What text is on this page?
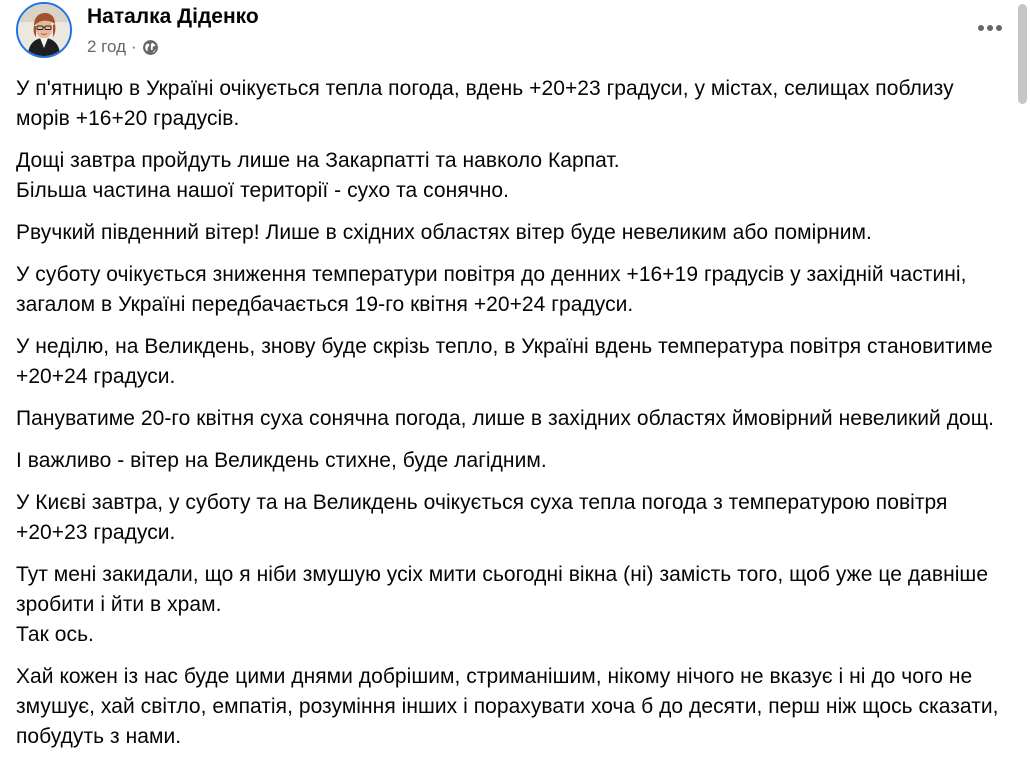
Наталка Діденко
2 год ·

У п'ятницю в Україні очікується тепла погода, вдень +20+23 градуси, у містах, селищах поблизу морів +16+20 градусів.

Дощі завтра пройдуть лише на Закарпатті та навколо Карпат.
Більша частина нашої території - сухо та сонячно.

Рвучкий південний вітер! Лише в східних областях вітер буде невеликим або помірним.

У суботу очікується зниження температури повітря до денних +16+19 градусів у західній частині, загалом в Україні передбачається 19-го квітня +20+24 градуси.

У неділю, на Великдень, знову буде скрізь тепло, в Україні вдень температура повітря становитиме +20+24 градуси.

Пануватиме 20-го квітня суха сонячна погода, лише в західних областях ймовірний невеликий дощ.

І важливо - вітер на Великдень стихне, буде лагідним.

У Києві завтра, у суботу та на Великдень очікується суха тепла погода з температурою повітря +20+23 градуси.

Тут мені закидали, що я ніби змушую усіх мити сьогодні вікна (ні) замість того, щоб уже це давніше зробити і йти в храм.
Так ось.

Хай кожен із нас буде цими днями добрішим, стриманішим, нікому нічого не вказує і ні до чого не змушує, хай світло, емпатія, розуміння інших і порахувати хоча б до десяти, перш ніж щось сказати, побудуть з нами.
